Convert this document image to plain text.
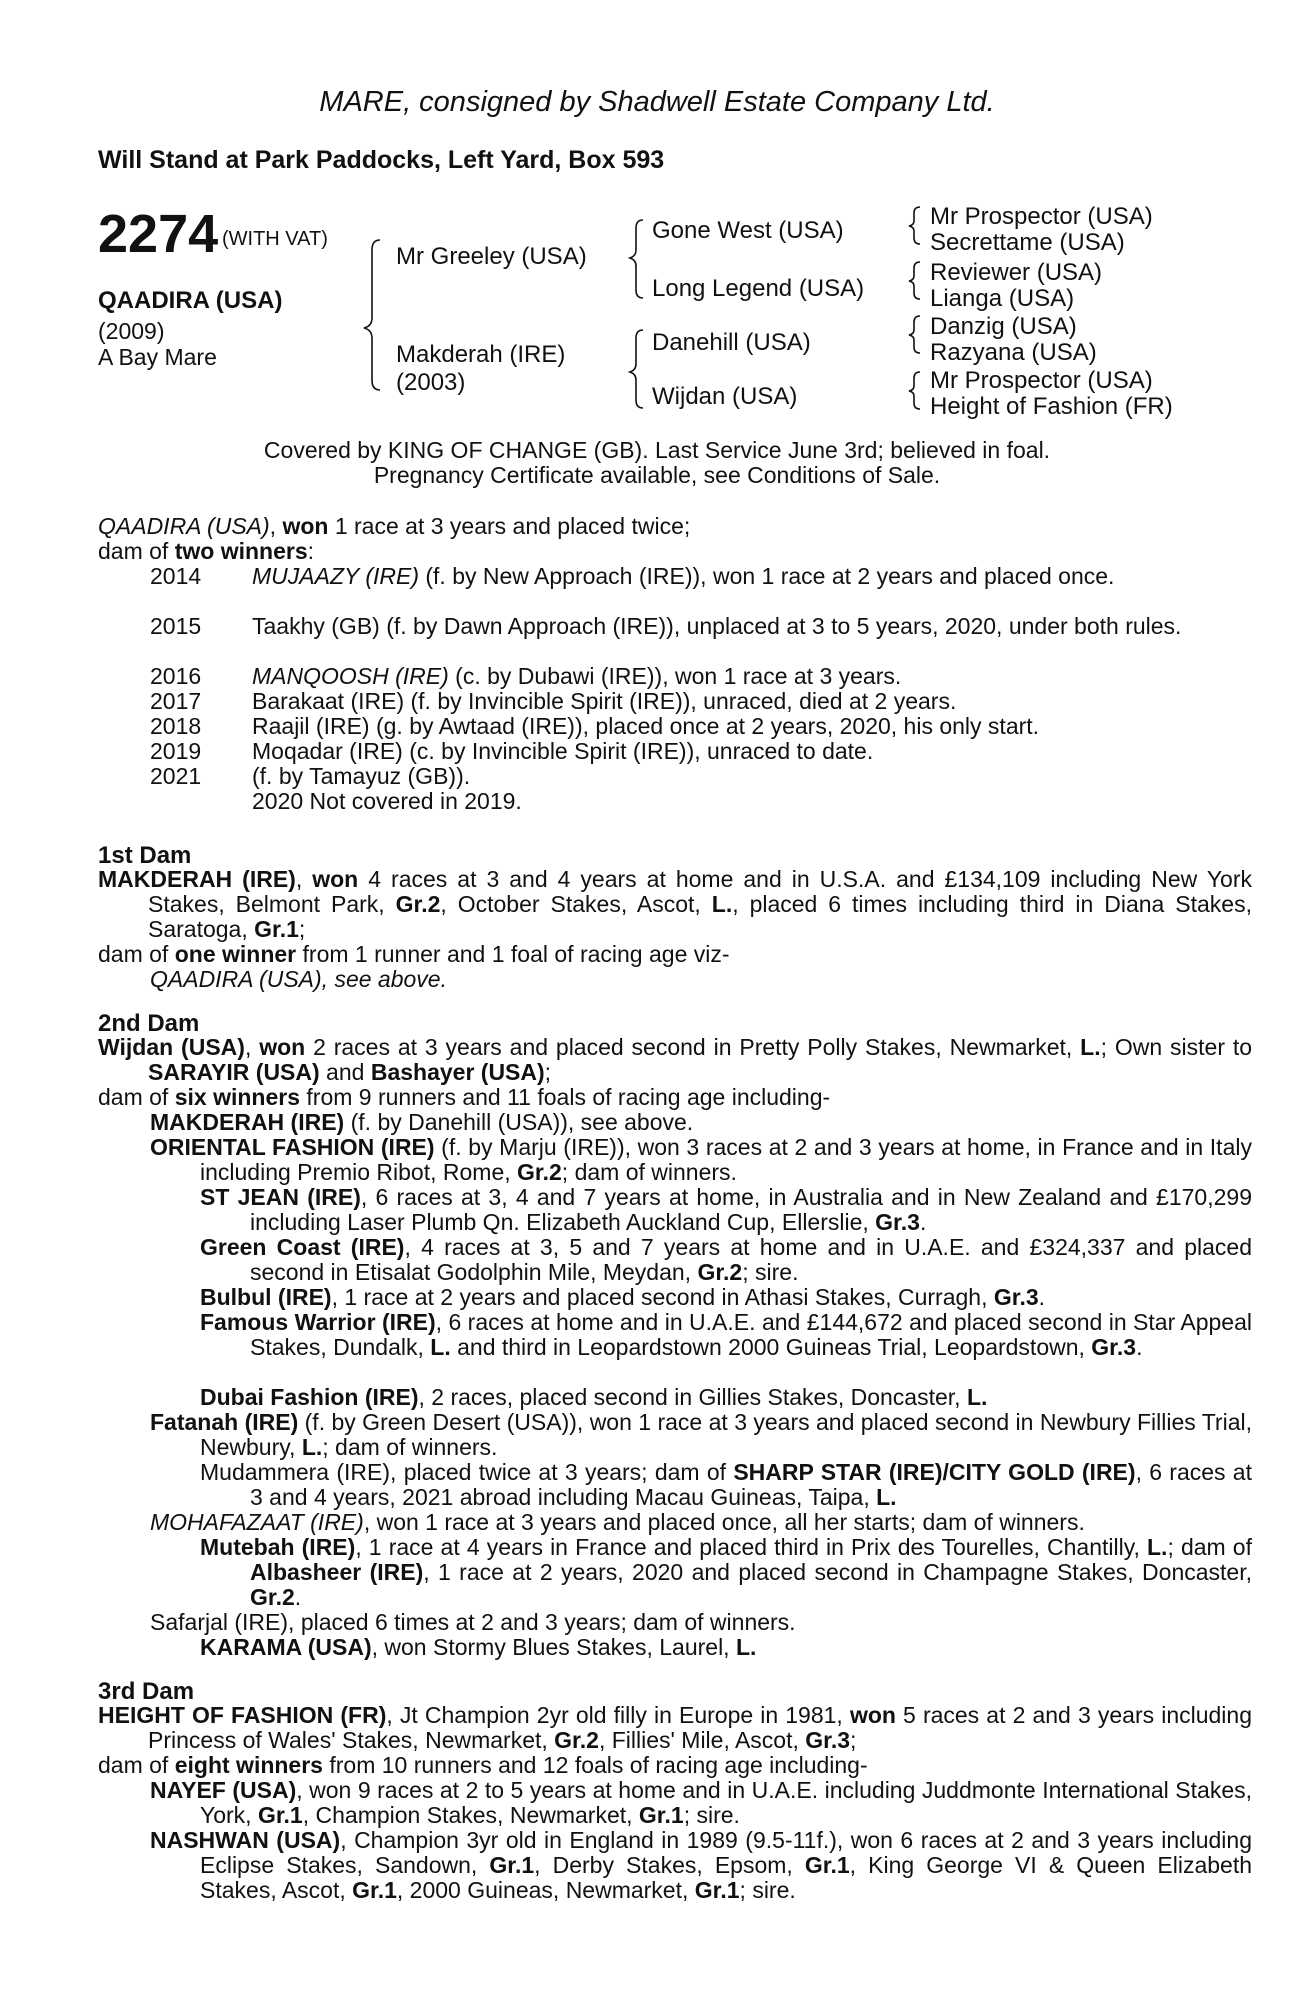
MARE, consigned by Shadwell Estate Company Ltd.
Will Stand at Park Paddocks, Left Yard, Box 593
2274 (WITH VAT)
QAADIRA (USA)
(2009)
A Bay Mare
Mr Greeley (USA)
Makderah (IRE)
(2003)
Gone West (USA)
Long Legend (USA)
Danehill (USA)
Wijdan (USA)
Mr Prospector (USA)
Secrettame (USA)
Reviewer (USA)
Lianga (USA)
Danzig (USA)
Razyana (USA)
Mr Prospector (USA)
Height of Fashion (FR)
Covered by KING OF CHANGE (GB). Last Service June 3rd; believed in foal.
Pregnancy Certificate available, see Conditions of Sale.
QAADIRA (USA), won 1 race at 3 years and placed twice;
dam of two winners:
2014 MUJAAZY (IRE) (f. by New Approach (IRE)), won 1 race at 2 years and placed once.
2015 Taakhy (GB) (f. by Dawn Approach (IRE)), unplaced at 3 to 5 years, 2020, under both rules.
2016 MANQOOSH (IRE) (c. by Dubawi (IRE)), won 1 race at 3 years.
2017 Barakaat (IRE) (f. by Invincible Spirit (IRE)), unraced, died at 2 years.
2018 Raajil (IRE) (g. by Awtaad (IRE)), placed once at 2 years, 2020, his only start.
2019 Moqadar (IRE) (c. by Invincible Spirit (IRE)), unraced to date.
2021 (f. by Tamayuz (GB)).
2020 Not covered in 2019.
1st Dam
MAKDERAH (IRE), won 4 races at 3 and 4 years at home and in U.S.A. and £134,109 including New York Stakes, Belmont Park, Gr.2, October Stakes, Ascot, L., placed 6 times including third in Diana Stakes, Saratoga, Gr.1;
dam of one winner from 1 runner and 1 foal of racing age viz-
QAADIRA (USA), see above.
2nd Dam
Wijdan (USA), won 2 races at 3 years and placed second in Pretty Polly Stakes, Newmarket, L.; Own sister to SARAYIR (USA) and Bashayer (USA);
dam of six winners from 9 runners and 11 foals of racing age including-
MAKDERAH (IRE) (f. by Danehill (USA)), see above.
ORIENTAL FASHION (IRE) (f. by Marju (IRE)), won 3 races at 2 and 3 years at home, in France and in Italy including Premio Ribot, Rome, Gr.2; dam of winners.
ST JEAN (IRE), 6 races at 3, 4 and 7 years at home, in Australia and in New Zealand and £170,299 including Laser Plumb Qn. Elizabeth Auckland Cup, Ellerslie, Gr.3.
Green Coast (IRE), 4 races at 3, 5 and 7 years at home and in U.A.E. and £324,337 and placed second in Etisalat Godolphin Mile, Meydan, Gr.2; sire.
Bulbul (IRE), 1 race at 2 years and placed second in Athasi Stakes, Curragh, Gr.3.
Famous Warrior (IRE), 6 races at home and in U.A.E. and £144,672 and placed second in Star Appeal Stakes, Dundalk, L. and third in Leopardstown 2000 Guineas Trial, Leopardstown, Gr.3.
Dubai Fashion (IRE), 2 races, placed second in Gillies Stakes, Doncaster, L.
Fatanah (IRE) (f. by Green Desert (USA)), won 1 race at 3 years and placed second in Newbury Fillies Trial, Newbury, L.; dam of winners.
Mudammera (IRE), placed twice at 3 years; dam of SHARP STAR (IRE)/CITY GOLD (IRE), 6 races at 3 and 4 years, 2021 abroad including Macau Guineas, Taipa, L.
MOHAFAZAAT (IRE), won 1 race at 3 years and placed once, all her starts; dam of winners.
Mutebah (IRE), 1 race at 4 years in France and placed third in Prix des Tourelles, Chantilly, L.; dam of Albasheer (IRE), 1 race at 2 years, 2020 and placed second in Champagne Stakes, Doncaster, Gr.2.
Safarjal (IRE), placed 6 times at 2 and 3 years; dam of winners.
KARAMA (USA), won Stormy Blues Stakes, Laurel, L.
3rd Dam
HEIGHT OF FASHION (FR), Jt Champion 2yr old filly in Europe in 1981, won 5 races at 2 and 3 years including Princess of Wales' Stakes, Newmarket, Gr.2, Fillies' Mile, Ascot, Gr.3;
dam of eight winners from 10 runners and 12 foals of racing age including-
NAYEF (USA), won 9 races at 2 to 5 years at home and in U.A.E. including Juddmonte International Stakes, York, Gr.1, Champion Stakes, Newmarket, Gr.1; sire.
NASHWAN (USA), Champion 3yr old in England in 1989 (9.5-11f.), won 6 races at 2 and 3 years including Eclipse Stakes, Sandown, Gr.1, Derby Stakes, Epsom, Gr.1, King George VI & Queen Elizabeth Stakes, Ascot, Gr.1, 2000 Guineas, Newmarket, Gr.1; sire.
